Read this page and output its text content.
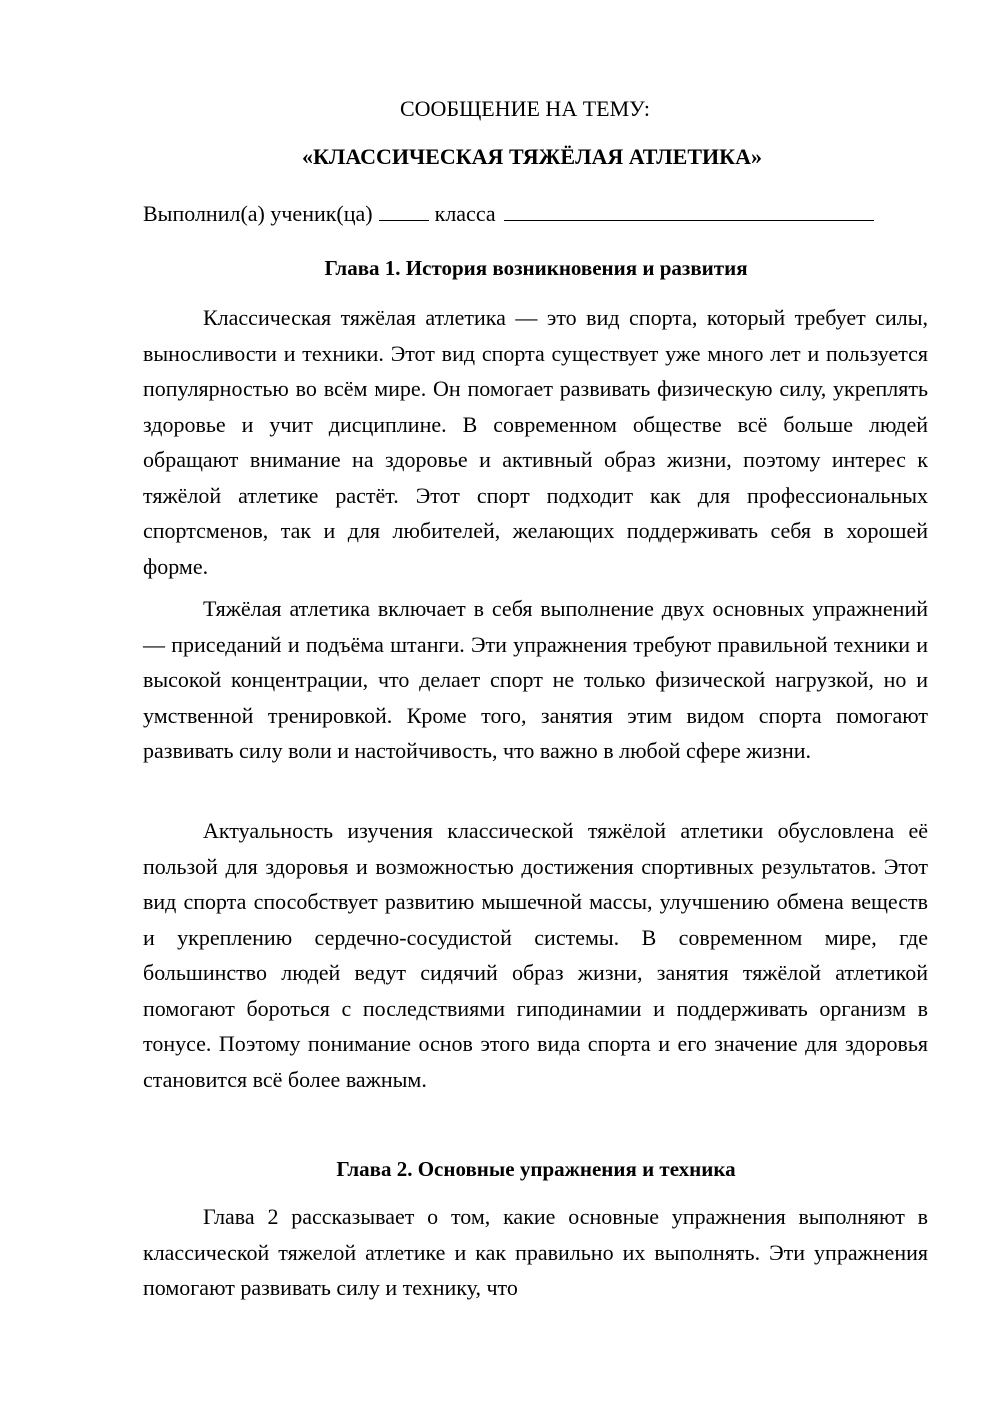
СООБЩЕНИЕ НА ТЕМУ:
«КЛАССИЧЕСКАЯ ТЯЖЁЛАЯ АТЛЕТИКА»
Выполнил(а) ученик(ца)	класса
Глава 1. История возникновения и развития

Классическая тяжёлая атлетика — это вид спорта, который требует силы, выносливости и техники. Этот вид спорта существует уже много лет и пользуется популярностью во всём мире. Он помогает развивать физическую силу, укреплять здоровье и учит дисциплине. В современном обществе всё больше людей обращают внимание на здоровье и активный образ жизни, поэтому интерес к тяжёлой атлетике растёт. Этот спорт подходит как для профессиональных спортсменов, так и для любителей, желающих поддерживать себя в хорошей форме.

Тяжёлая атлетика включает в себя выполнение двух основных упражнений — приседаний и подъёма штанги. Эти упражнения требуют правильной техники и высокой концентрации, что делает спорт не только физической нагрузкой, но и умственной тренировкой. Кроме того, занятия этим видом спорта помогают развивать силу воли и настойчивость, что важно в любой сфере жизни.

Актуальность изучения классической тяжёлой атлетики обусловлена её пользой для здоровья и возможностью достижения спортивных результатов. Этот вид спорта способствует развитию мышечной массы, улучшению обмена веществ и укреплению сердечно-сосудистой системы. В современном мире, где большинство людей ведут сидячий образ жизни, занятия тяжёлой атлетикой помогают бороться с последствиями гиподинамии и поддерживать организм в тонусе. Поэтому понимание основ этого вида спорта и его значение для здоровья становится всё более важным.

Глава 2. Основные упражнения и техника

Глава 2 рассказывает о том, какие основные упражнения выполняют в классической тяжелой атлетике и как правильно их выполнять. Эти упражнения помогают развивать силу и технику, что
